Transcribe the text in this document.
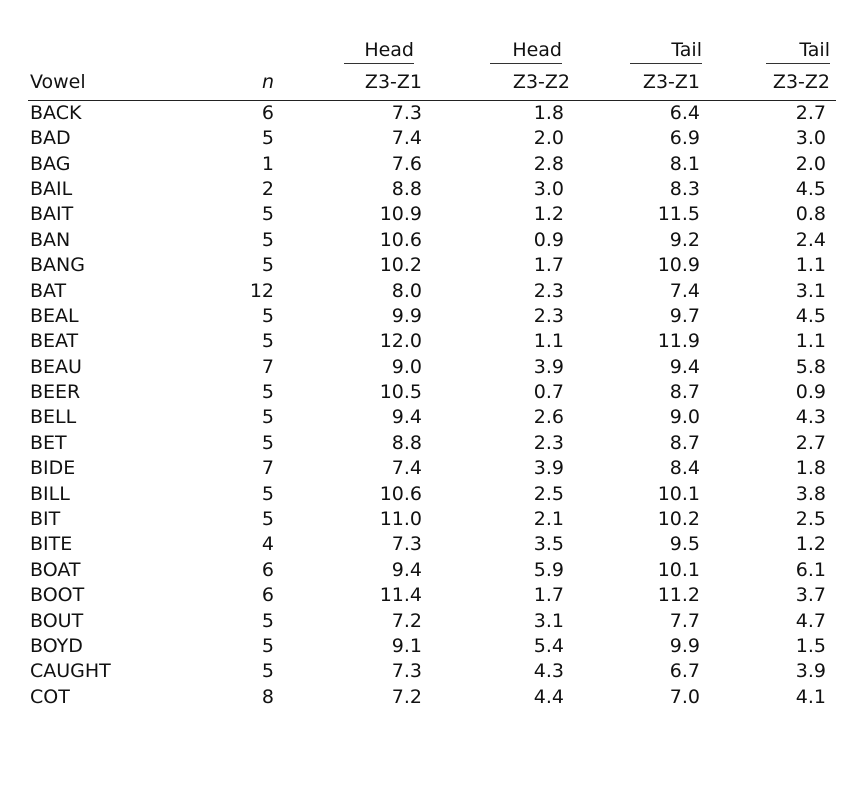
		Head	Head	Tail	Tail

Vowel	n	Z3-Z1	Z3-Z2	Z3-Z1	Z3-Z2
BACK	6	7.3	1.8	6.4	2.7
BAD	5	7.4	2.0	6.9	3.0
BAG	1	7.6	2.8	8.1	2.0
BAIL	2	8.8	3.0	8.3	4.5
BAIT	5	10.9	1.2	11.5	0.8
BAN	5	10.6	0.9	9.2	2.4
BANG	5	10.2	1.7	10.9	1.1
BAT	12	8.0	2.3	7.4	3.1
BEAL	5	9.9	2.3	9.7	4.5
BEAT	5	12.0	1.1	11.9	1.1
BEAU	7	9.0	3.9	9.4	5.8
BEER	5	10.5	0.7	8.7	0.9
BELL	5	9.4	2.6	9.0	4.3
BET	5	8.8	2.3	8.7	2.7
BIDE	7	7.4	3.9	8.4	1.8
BILL	5	10.6	2.5	10.1	3.8
BIT	5	11.0	2.1	10.2	2.5
BITE	4	7.3	3.5	9.5	1.2
BOAT	6	9.4	5.9	10.1	6.1
BOOT	6	11.4	1.7	11.2	3.7
BOUT	5	7.2	3.1	7.7	4.7
BOYD	5	9.1	5.4	9.9	1.5
CAUGHT	5	7.3	4.3	6.7	3.9
COT	8	7.2	4.4	7.0	4.1
